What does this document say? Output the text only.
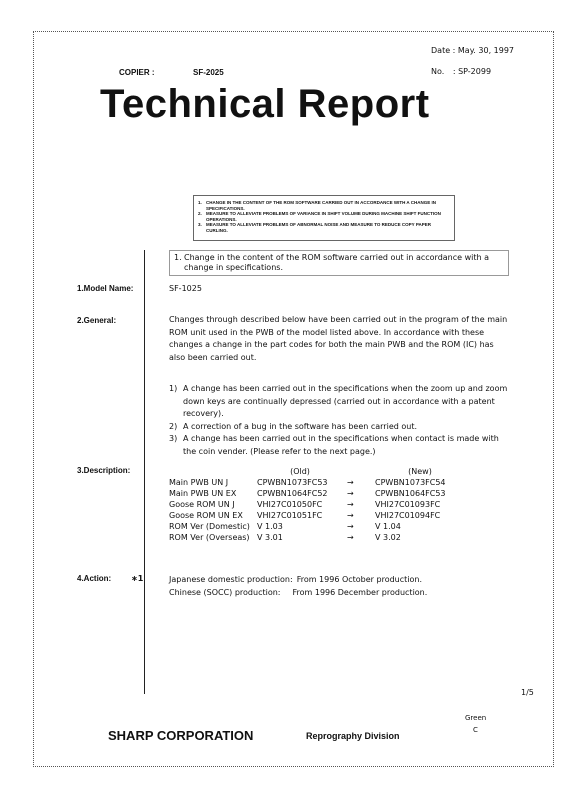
Date : May. 30, 1997
No. : SP-2099
COPIER :	SF-2025
Technical Report
1. CHANGE IN THE CONTENT OF THE ROM SOFTWARE CARRIED OUT IN ACCORDANCE WITH A CHANGE IN SPECIFICATIONS.
2. MEASURE TO ALLEVIATE PROBLEMS OF VARIANCE IN SHIFT VOLUME DURING MACHINE SHIFT FUNCTION OPERATIONS.
3. MEASURE TO ALLEVIATE PROBLEMS OF ABNORMAL NOISE AND MEASURE TO REDUCE COPY PAPER CURLING.
1. Change in the content of the ROM software carried out in accordance with a change in specifications.
1.Model Name:	SF-1025
2.General:	Changes through described below have been carried out in the program of the main ROM unit used in the PWB of the model listed above. In accordance with these changes a change in the part codes for both the main PWB and the ROM (IC) has also been carried out.
1) A change has been carried out in the specifications when the zoom up and zoom down keys are continually depressed (carried out in accordance with a patent recovery).
2) A correction of a bug in the software has been carried out.
3) A change has been carried out in the specifications when contact is made with the coin vender. (Please refer to the next page.)
3.Description:
		(Old)		(New)
Main PWB UN J	CPWBN1073FC53	→	CPWBN1073FC54
Main PWB UN EX	CPWBN1064FC52	→	CPWBN1064FC53
Goose ROM UN J	VHI27C01050FC	→	VHI27C01093FC
Goose ROM UN EX	VHI27C01051FC	→	VHI27C01094FC
ROM Ver (Domestic)	V 1.03	→	V 1.04
ROM Ver (Overseas)	V 3.01	→	V 3.02
4.Action: ∗1	Japanese domestic production: From 1996 October production.
Chinese (SOCC) production: From 1996 December production.
1/5
Green
C
SHARP CORPORATION	Reprography Division
